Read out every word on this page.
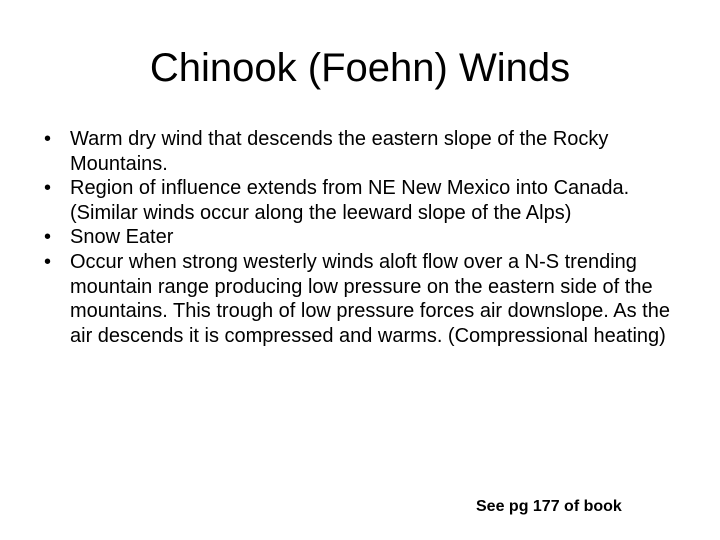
Chinook (Foehn) Winds
• Warm dry wind that descends the eastern slope of the Rocky Mountains.
• Region of influence extends from NE New Mexico into Canada. (Similar winds occur along the leeward slope of the Alps)
• Snow Eater
• Occur when strong westerly winds aloft flow over a N-S trending mountain range producing low pressure on the eastern side of the mountains. This trough of low pressure forces air downslope. As the air descends it is compressed and warms. (Compressional heating)
See pg 177 of book
